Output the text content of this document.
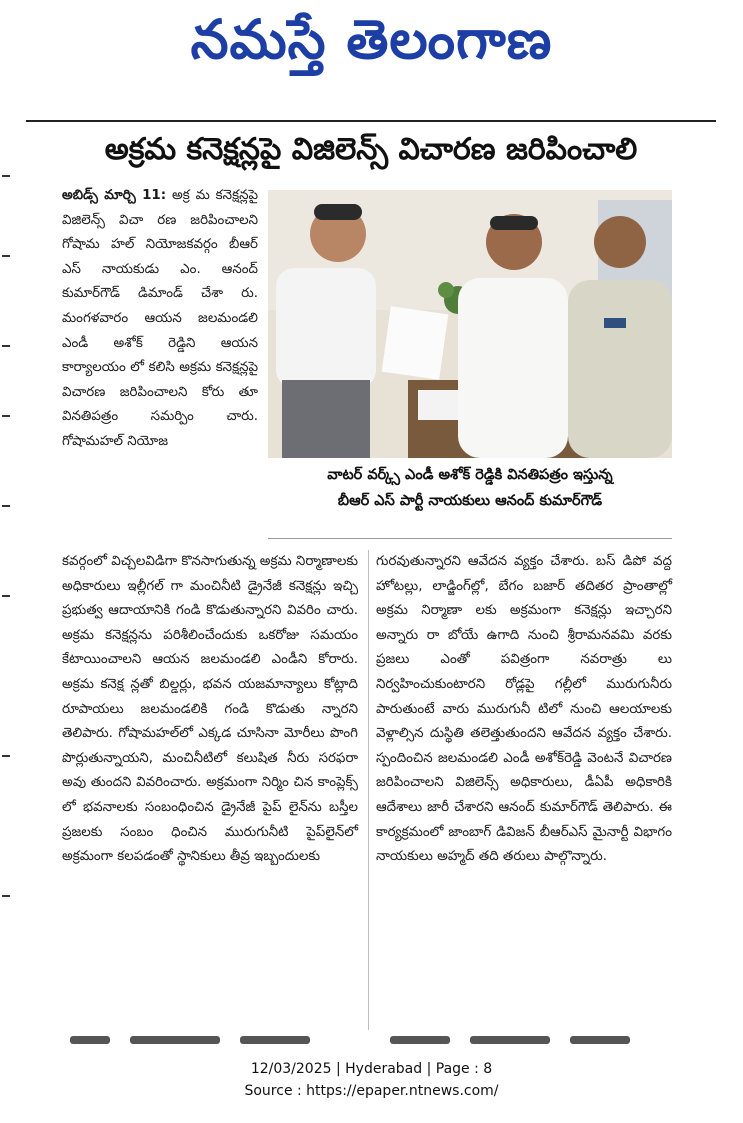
నమస్తే తెలంగాణ
అక్రమ కనెక్షన్లపై విజిలెన్స్ విచారణ జరిపించాలి
అబిడ్స్ మార్చి 11: అక్ర మ కనెక్షన్లపై విజిలెన్స్ విచా రణ జరిపించాలని గోషామ హల్ నియోజకవర్గం బీఆర్ ఎస్ నాయకుడు ఎం. ఆనంద్ కుమార్‌గౌడ్ డిమాండ్ చేశా రు. మంగళవారం ఆయన జలమండలి ఎండీ అశోక్ రెడ్డిని ఆయన కార్యాలయం లో కలిసి అక్రమ కనెక్షన్లపై విచారణ జరిపించాలని కోరు తూ వినతిపత్రం సమర్పిం చారు. గోషామహల్ నియోజ
వాటర్ వర్క్స్ ఎండీ అశోక్ రెడ్డికి వినతిపత్రం ఇస్తున్న
బీఆర్ ఎస్ పార్టీ నాయకులు ఆనంద్ కుమార్‌గౌడ్
కవర్గంలో విచ్చలవిడిగా కొనసాగుతున్న అక్రమ నిర్మాణాలకు అధికారులు ఇల్లీగల్ గా మంచినీటి డ్రైనేజీ కనెక్షన్లు ఇచ్చి ప్రభుత్వ ఆదాయానికి గండి కొడుతున్నారని వివరిం చారు. అక్రమ కనెక్షన్లను పరిశీలించేందుకు ఒకరోజు సమయం కేటాయించాలని ఆయన జలమండలి ఎండీని కోరారు. అక్రమ కనెక్ష న్లతో బిల్డర్లు, భవన యజమాన్యాలు కోట్లాది రూపాయలు జలమండలికి గండి కొడుతు న్నారని తెలిపారు. గోషామహల్‌లో ఎక్కడ చూసినా మోరీలు పొంగి పొర్లుతున్నాయని, మంచినీటిలో కలుషిత నీరు సరఫరా అవు తుందని వివరించారు. అక్రమంగా నిర్మిం చిన కాంప్లెక్స్ లో భవనాలకు సంబంధించిన డ్రైనేజీ పైప్ లైన్‌ను బస్తీల ప్రజలకు సంబం ధించిన మురుగునీటి పైప్‌లైన్‌లో అక్రమంగా కలపడంతో స్థానికులు తీవ్ర ఇబ్బందులకు
గురవుతున్నారని ఆవేదన వ్యక్తం చేశారు. బస్ డిపో వద్ద హోటల్లు, లాడ్జింగ్‌ల్లో, బేగం బజార్ తదితర ప్రాంతాల్లో అక్రమ నిర్మాణా లకు అక్రమంగా కనెక్షన్లు ఇచ్చారని అన్నారు రా బోయే ఉగాది నుంచి శ్రీరామనవమి వరకు ప్రజలు ఎంతో పవిత్రంగా నవరాత్రు లు నిర్వహించుకుంటారని రోడ్లపై గల్లీలో మురుగునీరు పారుతుంటే వారు మురుగునీ టిలో నుంచి ఆలయాలకు వెళ్లాల్సిన దుస్థితి తలెత్తుతుందని ఆవేదన వ్యక్తం చేశారు. స్పందించిన జలమండలి ఎండీ అశోక్‌రెడ్డి వెంటనే విచారణ జరిపించాలని విజిలెన్స్ అధికారులు, డీఏపీ అధికారికి ఆదేశాలు జారీ చేశారని ఆనంద్ కుమార్‌గౌడ్ తెలిపారు. ఈ కార్యక్రమంలో జాంబాగ్ డివిజన్ బీఆర్ఎస్ మైనార్టీ విభాగం నాయకులు అహ్మద్ తది తరులు పాల్గొన్నారు.
12/03/2025 | Hyderabad | Page : 8
Source : https://epaper.ntnews.com/
